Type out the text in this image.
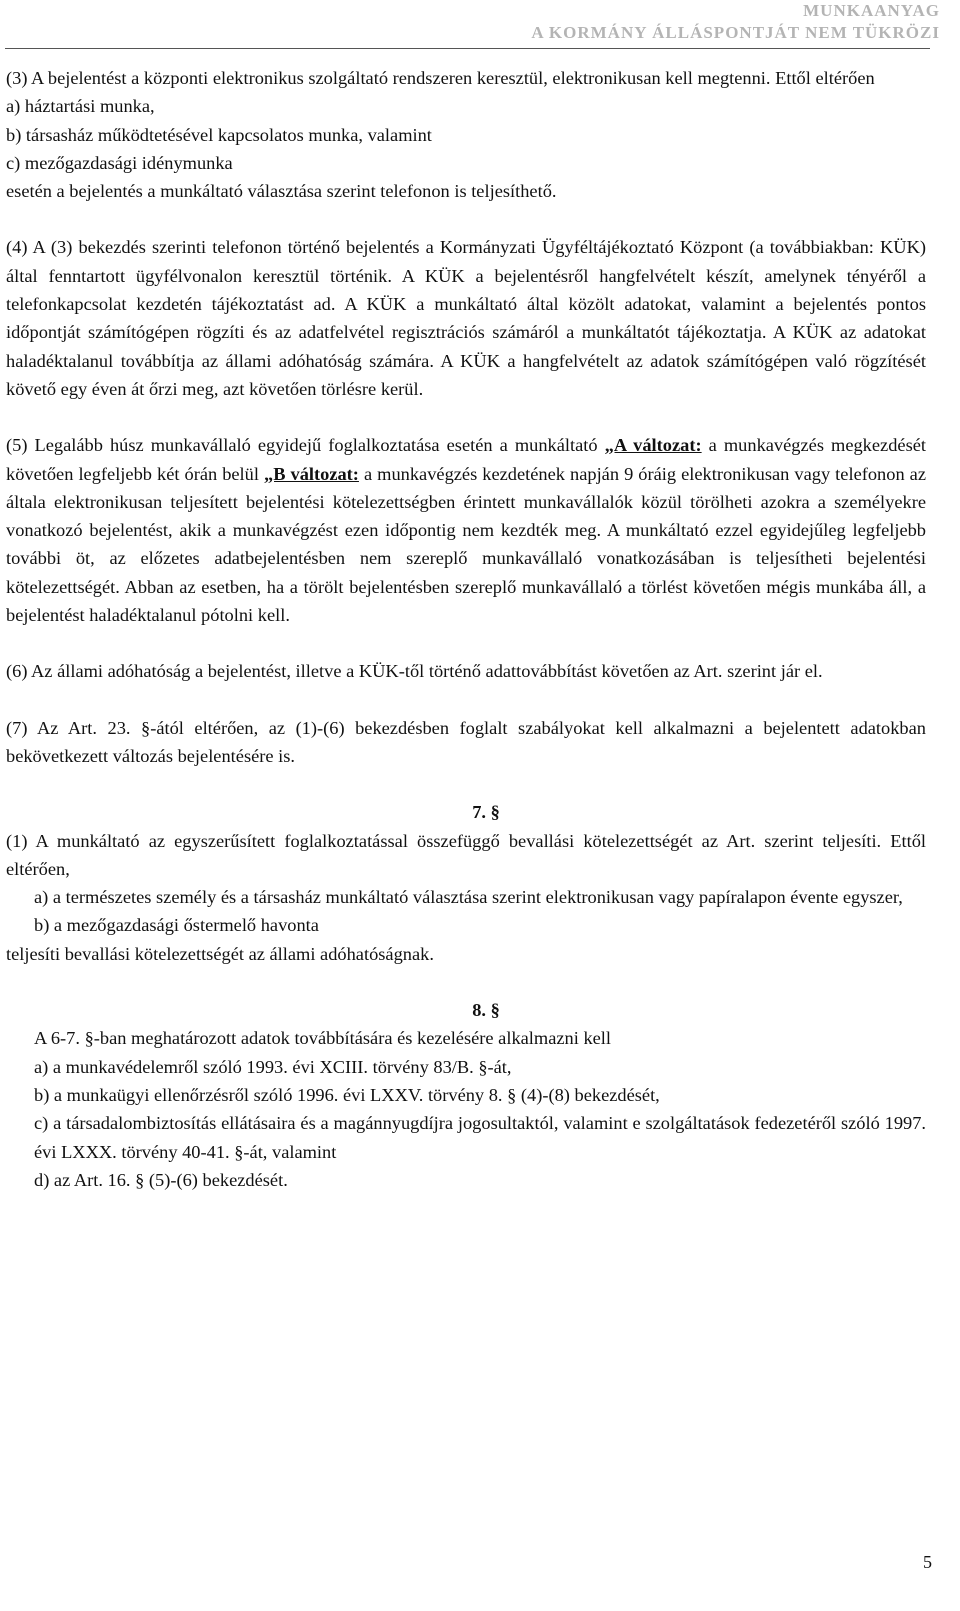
MUNKAANYAG
A KORMÁNY ÁLLÁSPONTJÁT NEM TÜKRÖZI
(3) A bejelentést a központi elektronikus szolgáltató rendszeren keresztül, elektronikusan kell megtenni. Ettől eltérően
a) háztartási munka,
b) társasház működtetésével kapcsolatos munka, valamint
c) mezőgazdasági idénymunka
esetén a bejelentés a munkáltató választása szerint telefonon is teljesíthető.
(4) A (3) bekezdés szerinti telefonon történő bejelentés a Kormányzati Ügyféltájékoztató Központ (a továbbiakban: KÜK) által fenntartott ügyfélvonalon keresztül történik. A KÜK a bejelentésről hangfelvételt készít, amelynek tényéről a telefonkapcsolat kezdetén tájékoztatást ad. A KÜK a munkáltató által közölt adatokat, valamint a bejelentés pontos időpontját számítógépen rögzíti és az adatfelvétel regisztrációs számáról a munkáltatót tájékoztatja. A KÜK az adatokat haladéktalanul továbbítja az állami adóhatóság számára. A KÜK a hangfelvételt az adatok számítógépen való rögzítését követő egy éven át őrzi meg, azt követően törlésre kerül.
(5) Legalább húsz munkavállaló egyidejű foglalkoztatása esetén a munkáltató „A változat: a munkavégzés megkezdését követően legfeljebb két órán belül „B változat: a munkavégzés kezdetének napján 9 óráig elektronikusan vagy telefonon az általa elektronikusan teljesített bejelentési kötelezettségben érintett munkavállalók közül törölheti azokra a személyekre vonatkozó bejelentést, akik a munkavégzést ezen időpontig nem kezdték meg. A munkáltató ezzel egyidejűleg legfeljebb további öt, az előzetes adatbejelentésben nem szereplő munkavállaló vonatkozásában is teljesítheti bejelentési kötelezettségét. Abban az esetben, ha a törölt bejelentésben szereplő munkavállaló a törlést követően mégis munkába áll, a bejelentést haladéktalanul pótolni kell.
(6) Az állami adóhatóság a bejelentést, illetve a KÜK-től történő adattovábbítást követően az Art. szerint jár el.
(7) Az Art. 23. §-ától eltérően, az (1)-(6) bekezdésben foglalt szabályokat kell alkalmazni a bejelentett adatokban bekövetkezett változás bejelentésére is.
7. §
(1) A munkáltató az egyszerűsített foglalkoztatással összefüggő bevallási kötelezettségét az Art. szerint teljesíti. Ettől eltérően,
a) a természetes személy és a társasház munkáltató választása szerint elektronikusan vagy papíralapon évente egyszer,
b) a mezőgazdasági őstermelő havonta
teljesíti bevallási kötelezettségét az állami adóhatóságnak.
8. §
A 6-7. §-ban meghatározott adatok továbbítására és kezelésére alkalmazni kell
a) a munkavédelemről szóló 1993. évi XCIII. törvény 83/B. §-át,
b) a munkaügyi ellenőrzésről szóló 1996. évi LXXV. törvény 8. § (4)-(8) bekezdését,
c) a társadalombiztosítás ellátásaira és a magánnyugdíjra jogosultaktól, valamint e szolgáltatások fedezetéről szóló 1997. évi LXXX. törvény 40-41. §-át, valamint
d) az Art. 16. § (5)-(6) bekezdését.
5
